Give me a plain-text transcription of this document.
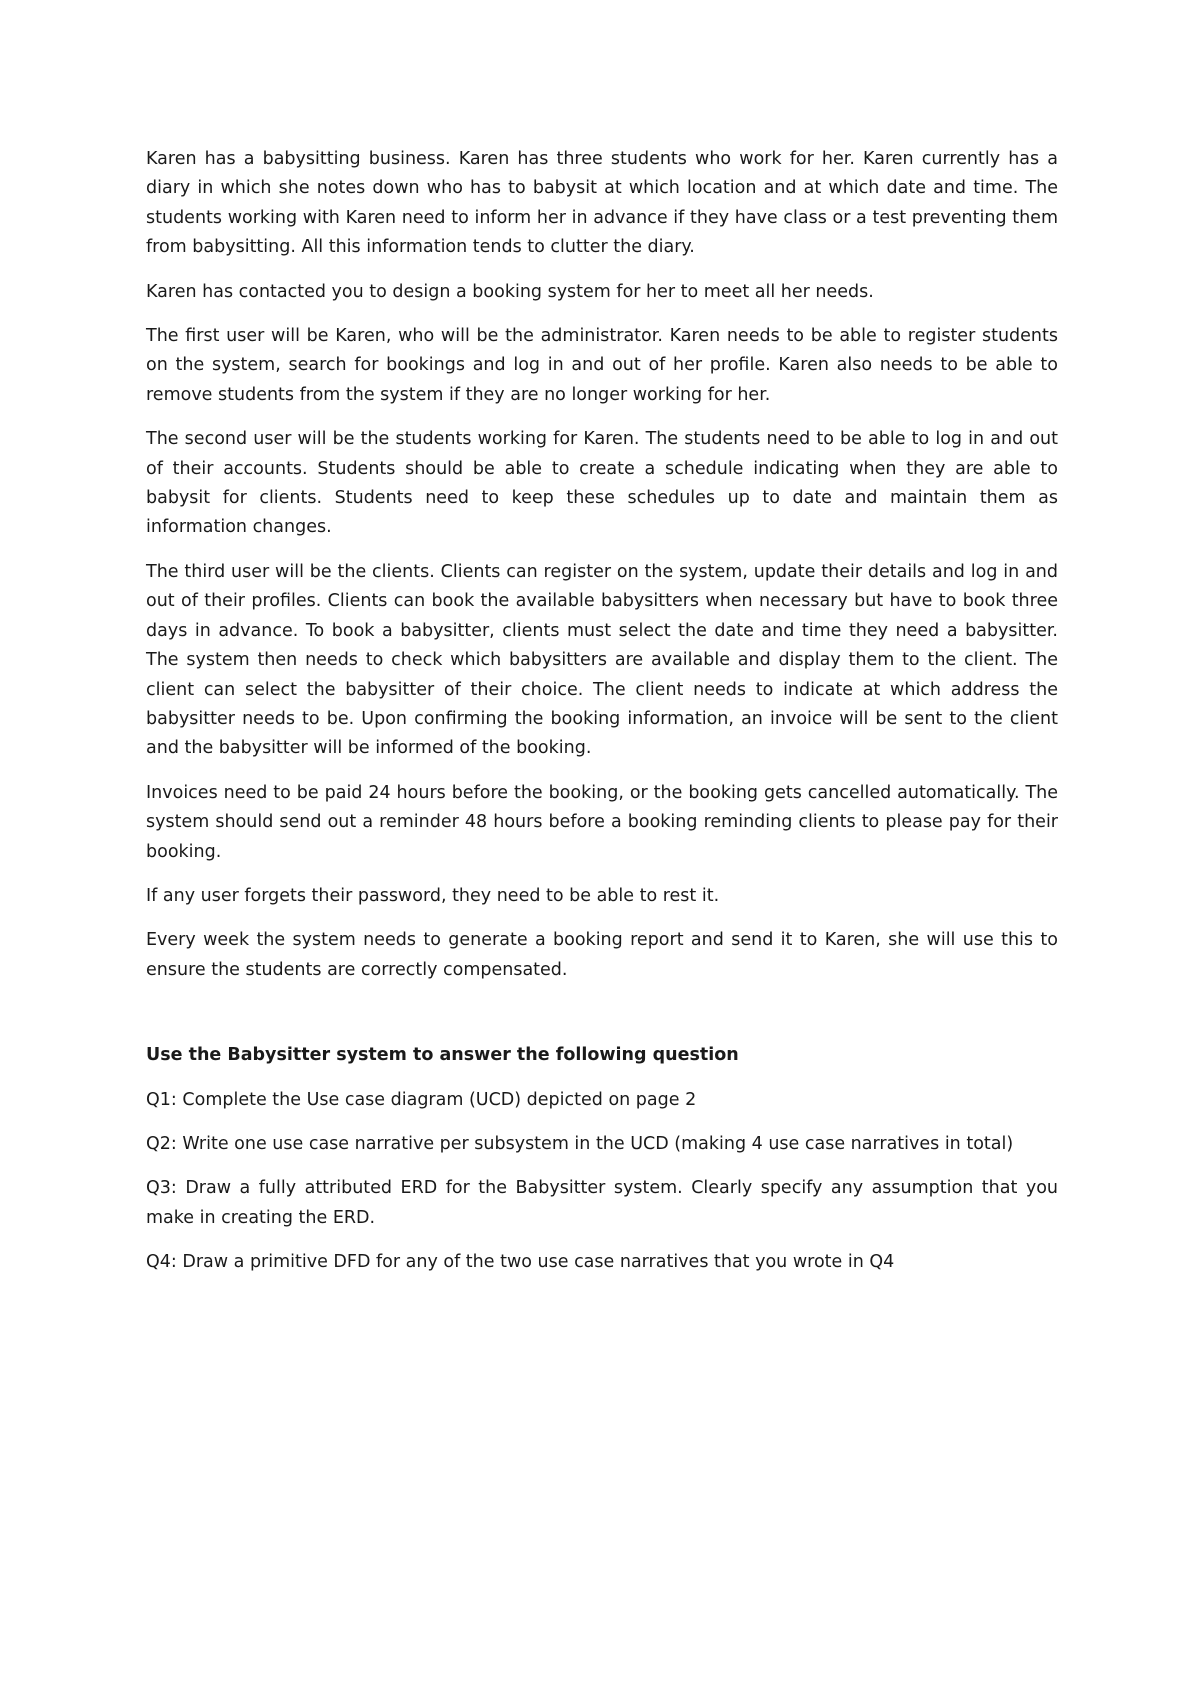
Karen has a babysitting business. Karen has three students who work for her. Karen currently has a diary in which she notes down who has to babysit at which location and at which date and time. The students working with Karen need to inform her in advance if they have class or a test preventing them from babysitting. All this information tends to clutter the diary.

Karen has contacted you to design a booking system for her to meet all her needs.

The first user will be Karen, who will be the administrator. Karen needs to be able to register students on the system, search for bookings and log in and out of her profile. Karen also needs to be able to remove students from the system if they are no longer working for her.

The second user will be the students working for Karen. The students need to be able to log in and out of their accounts. Students should be able to create a schedule indicating when they are able to babysit for clients. Students need to keep these schedules up to date and maintain them as information changes.

The third user will be the clients. Clients can register on the system, update their details and log in and out of their profiles. Clients can book the available babysitters when necessary but have to book three days in advance. To book a babysitter, clients must select the date and time they need a babysitter. The system then needs to check which babysitters are available and display them to the client. The client can select the babysitter of their choice. The client needs to indicate at which address the babysitter needs to be. Upon confirming the booking information, an invoice will be sent to the client and the babysitter will be informed of the booking.

Invoices need to be paid 24 hours before the booking, or the booking gets cancelled automatically. The system should send out a reminder 48 hours before a booking reminding clients to please pay for their booking.

If any user forgets their password, they need to be able to rest it.

Every week the system needs to generate a booking report and send it to Karen, she will use this to ensure the students are correctly compensated.

Use the Babysitter system to answer the following question

Q1: Complete the Use case diagram (UCD) depicted on page 2

Q2: Write one use case narrative per subsystem in the UCD (making 4 use case narratives in total)

Q3: Draw a fully attributed ERD for the Babysitter system. Clearly specify any assumption that you make in creating the ERD.

Q4: Draw a primitive DFD for any of the two use case narratives that you wrote in Q4
